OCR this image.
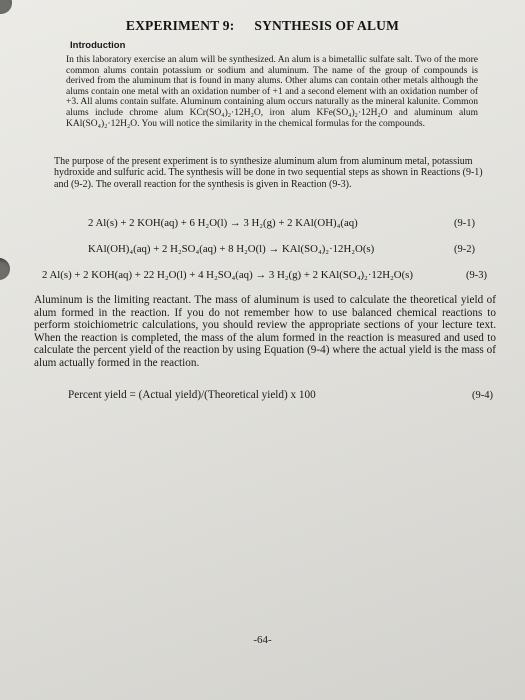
EXPERIMENT 9: SYNTHESIS OF ALUM
Introduction

In this laboratory exercise an alum will be synthesized. An alum is a bimetallic sulfate salt. Two of the more common alums contain potassium or sodium and aluminum. The name of the group of compounds is derived from the aluminum that is found in many alums. Other alums can contain other metals although the alums contain one metal with an oxidation number of +1 and a second element with an oxidation number of +3. All alums contain sulfate. Aluminum containing alum occurs naturally as the mineral kalunite. Common alums include chrome alum KCr(SO₄)₂·12H₂O, iron alum KFe(SO₄)₂·12H₂O and aluminum alum KAl(SO₄)₂·12H₂O. You will notice the similarity in the chemical formulas for the compounds.

The purpose of the present experiment is to synthesize aluminum alum from aluminum metal, potassium hydroxide and sulfuric acid. The synthesis will be done in two sequential steps as shown in Reactions (9-1) and (9-2). The overall reaction for the synthesis is given in Reaction (9-3).

2 Al(s) + 2 KOH(aq) + 6 H₂O(l) → 3 H₂(g) + 2 KAl(OH)₄(aq)	(9-1)
KAl(OH)₄(aq) + 2 H₂SO₄(aq) + 8 H₂O(l) → KAl(SO₄)₂·12H₂O(s)	(9-2)
2 Al(s) + 2 KOH(aq) + 22 H₂O(l) + 4 H₂SO₄(aq) → 3 H₂(g) + 2 KAl(SO₄)₂·12H₂O(s)	(9-3)

Aluminum is the limiting reactant. The mass of aluminum is used to calculate the theoretical yield of alum formed in the reaction. If you do not remember how to use balanced chemical reactions to perform stoichiometric calculations, you should review the appropriate sections of your lecture text. When the reaction is completed, the mass of the alum formed in the reaction is measured and used to calculate the percent yield of the reaction by using Equation (9-4) where the actual yield is the mass of alum actually formed in the reaction.

Percent yield = (Actual yield)/(Theoretical yield) x 100	(9-4)
-64-
